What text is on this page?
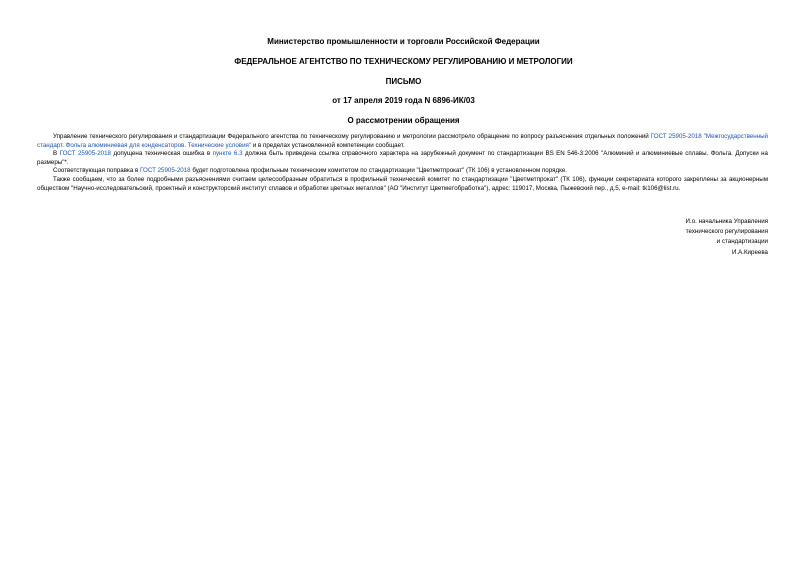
Министерство промышленности и торговли Российской Федерации
ФЕДЕРАЛЬНОЕ АГЕНТСТВО ПО ТЕХНИЧЕСКОМУ РЕГУЛИРОВАНИЮ И МЕТРОЛОГИИ
ПИСЬМО
от 17 апреля 2019 года N 6896-ИК/03
О рассмотрении обращения

Управление технического регулирования и стандартизации Федерального агентства по техническому регулированию и метрологии рассмотрело обращение по вопросу разъяснения отдельных положений ГОСТ 25905-2018 "Межгосударственный стандарт. Фольга алюминиевая для конденсаторов. Технические условия" и в пределах установленной компетенции сообщает.

В ГОСТ 25905-2018 допущена техническая ошибка в пункте 6.3 должна быть приведена ссылка справочного характера на зарубежный документ по стандартизации BS EN 546-3:2006 "Алюминий и алюминиевые сплавы. Фольга. Допуски на размеры"*.

Соответствующая поправка в ГОСТ 25905-2018 будет подготовлена профильным техническим комитетом по стандартизации "Цветметпрокат" (ТК 106) в установленном порядке.

Также сообщаем, что за более подробными разъяснениями считаем целесообразным обратиться в профильный технический комитет по стандартизации "Цветметпрокат" (ТК 106), функции секретариата которого закреплены за акционерным обществом "Научно-исследовательский, проектный и конструкторский институт сплавов и обработки цветных металлов" (АО "Институт Цветметобработка"), адрес: 119017, Москва, Пыжевский пер., д.5, e-mail: tk106@list.ru.

И.о. начальника Управления
технического регулирования
и стандартизации
И.А.Киреева
